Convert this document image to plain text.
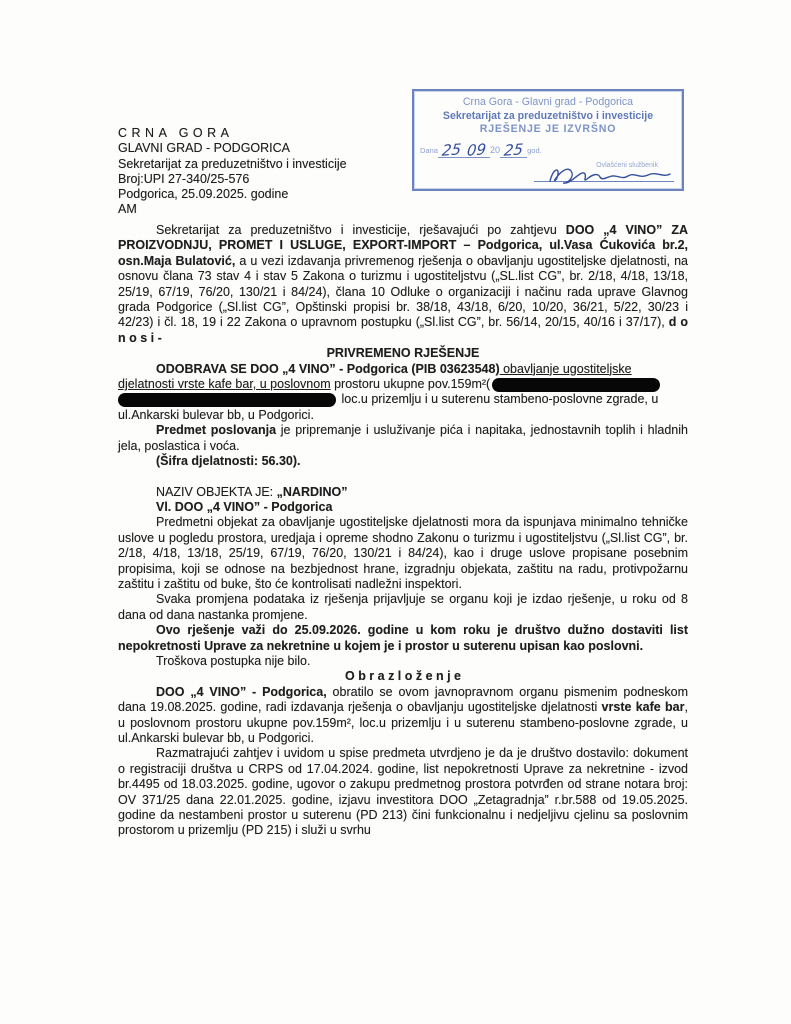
CRNA GORA
GLAVNI GRAD - PODGORICA
Sekretarijat za preduzetništvo i investicije
Broj:UPI 27-340/25-576
Podgorica, 25.09.2025. godine
AM
Crna Gora - Glavni grad - Podgorica
Sekretarijat za preduzetništvo i investicije
RJEŠENJE JE IZVRŠNO
Dana 25
09 20 25 god.
Ovlašćeni službenik

Sekretarijat za preduzetništvo i investicije, rješavajući po zahtjevu DOO „4 VINO” ZA PROIZVODNJU, PROMET I USLUGE, EXPORT-IMPORT – Podgorica, ul.Vasa Ćukovića br.2, osn.Maja Bulatović, a u vezi izdavanja privremenog rješenja o obavljanju ugostiteljske djelatnosti, na osnovu člana 73 stav 4 i stav 5 Zakona o turizmu i ugostiteljstvu („SL.list CG”, br. 2/18, 4/18, 13/18, 25/19, 67/19, 76/20, 130/21 i 84/24), člana 10 Odluke o organizaciji i načinu rada uprave Glavnog grada Podgorice („Sl.list CG”, Opštinski propisi br. 38/18, 43/18, 6/20, 10/20, 36/21, 5/22, 30/23 i 42/23) i čl. 18, 19 i 22 Zakona o upravnom postupku („Sl.list CG”, br. 56/14, 20/15, 40/16 i 37/17), d o n o s i -

PRIVREMENO RJEŠENJE

ODOBRAVA SE DOO „4 VINO” - Podgorica (PIB 03623548) obavljanje ugostiteljske
djelatnosti vrste kafe bar, u poslovnom prostoru ukupne pov.159m²(
loc.u prizemlju i u suterenu stambeno-poslovne zgrade, u
ul.Ankarski bulevar bb, u Podgorici.

Predmet poslovanja je pripremanje i usluživanje pića i napitaka, jednostavnih toplih i hladnih jela, poslastica i voća.

(Šifra djelatnosti: 56.30).

NAZIV OBJEKTA JE: „NARDINO”
Vl. DOO „4 VINO” - Podgorica

Predmetni objekat za obavljanje ugostiteljske djelatnosti mora da ispunjava minimalno tehničke uslove u pogledu prostora, uredjaja i opreme shodno Zakonu o turizmu i ugostiteljstvu („Sl.list CG”, br. 2/18, 4/18, 13/18, 25/19, 67/19, 76/20, 130/21 i 84/24), kao i druge uslove propisane posebnim propisima, koji se odnose na bezbjednost hrane, izgradnju objekata, zaštitu na radu, protivpožarnu zaštitu i zaštitu od buke, što će kontrolisati nadležni inspektori.

Svaka promjena podataka iz rješenja prijavljuje se organu koji je izdao rješenje, u roku od 8 dana od dana nastanka promjene.

Ovo rješenje važi do 25.09.2026. godine u kom roku je društvo dužno dostaviti list nepokretnosti Uprave za nekretnine u kojem je i prostor u suterenu upisan kao poslovni.

Troškova postupka nije bilo.

O b r a z l o ž e n j e

DOO „4 VINO” - Podgorica, obratilo se ovom javnopravnom organu pismenim podneskom dana 19.08.2025. godine, radi izdavanja rješenja o obavljanju ugostiteljske djelatnosti vrste kafe bar, u poslovnom prostoru ukupne pov.159m², loc.u prizemlju i u suterenu stambeno-poslovne zgrade, u ul.Ankarski bulevar bb, u Podgorici.

Razmatrajući zahtjev i uvidom u spise predmeta utvrdjeno je da je društvo dostavilo: dokument o registraciji društva u CRPS od 17.04.2024. godine, list nepokretnosti Uprave za nekretnine - izvod br.4495 od 18.03.2025. godine, ugovor o zakupu predmetnog prostora potvrđen od strane notara broj: OV 371/25 dana 22.01.2025. godine, izjavu investitora DOO „Zetagradnja” r.br.588 od 19.05.2025. godine da nestambeni prostor u suterenu (PD 213) čini funkcionalnu i nedjeljivu cjelinu sa poslovnim prostorom u prizemlju (PD 215) i služi u svrhu
